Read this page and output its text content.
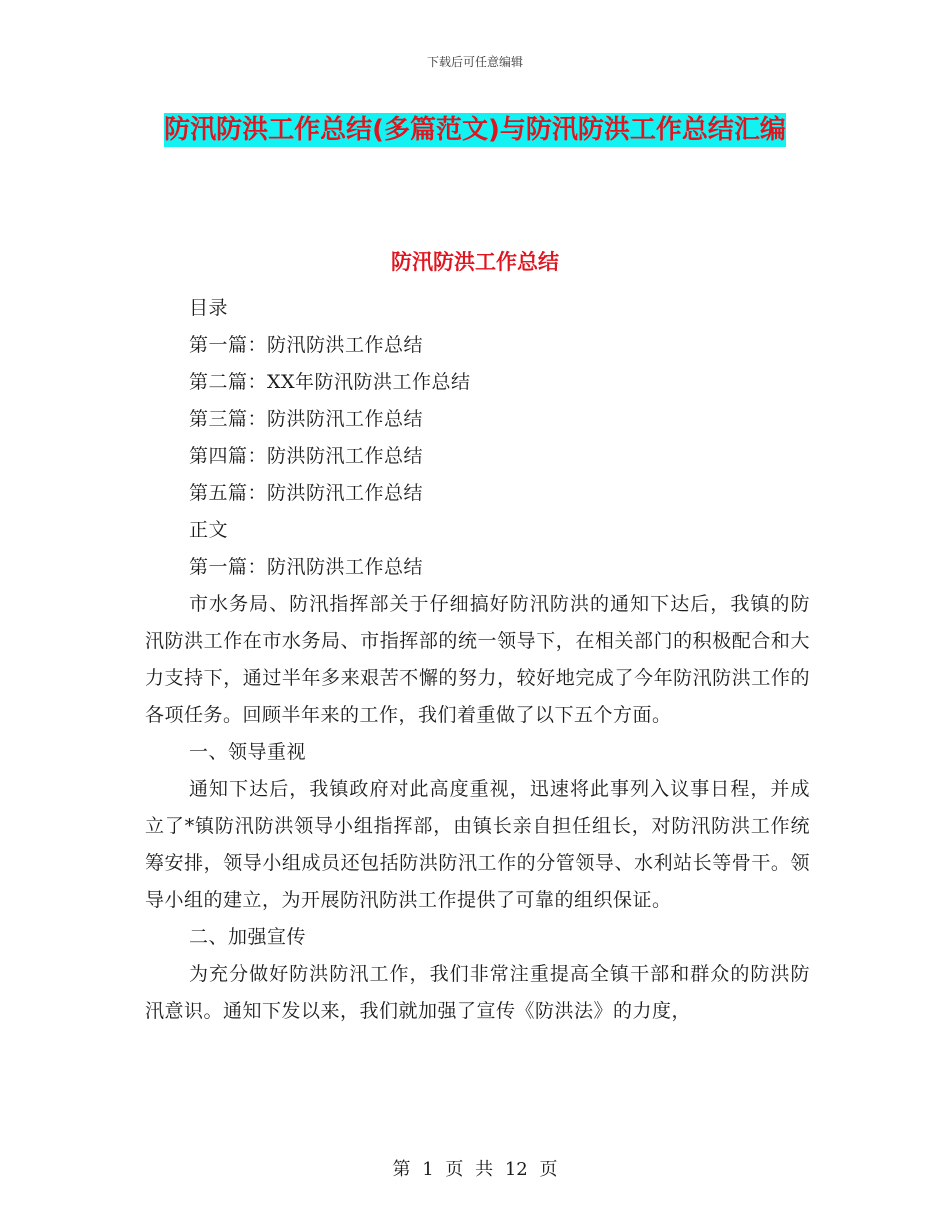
下载后可任意编辑
防汛防洪工作总结(多篇范文)与防汛防洪工作总结汇编
防汛防洪工作总结

目录

第一篇：防汛防洪工作总结

第二篇：XX年防汛防洪工作总结

第三篇：防洪防汛工作总结

第四篇：防洪防汛工作总结

第五篇：防洪防汛工作总结

正文

第一篇：防汛防洪工作总结

市水务局、防汛指挥部关于仔细搞好防汛防洪的通知下达后，我镇的防汛防洪工作在市水务局、市指挥部的统一领导下，在相关部门的积极配合和大力支持下，通过半年多来艰苦不懈的努力，较好地完成了今年防汛防洪工作的各项任务。回顾半年来的工作，我们着重做了以下五个方面。

一、领导重视

通知下达后，我镇政府对此高度重视，迅速将此事列入议事日程，并成立了*镇防汛防洪领导小组指挥部，由镇长亲自担任组长，对防汛防洪工作统筹安排，领导小组成员还包括防洪防汛工作的分管领导、水利站长等骨干。领导小组的建立，为开展防汛防洪工作提供了可靠的组织保证。

二、加强宣传

为充分做好防洪防汛工作，我们非常注重提高全镇干部和群众的防洪防汛意识。通知下发以来，我们就加强了宣传《防洪法》的力度，

第 1 页 共 12 页
